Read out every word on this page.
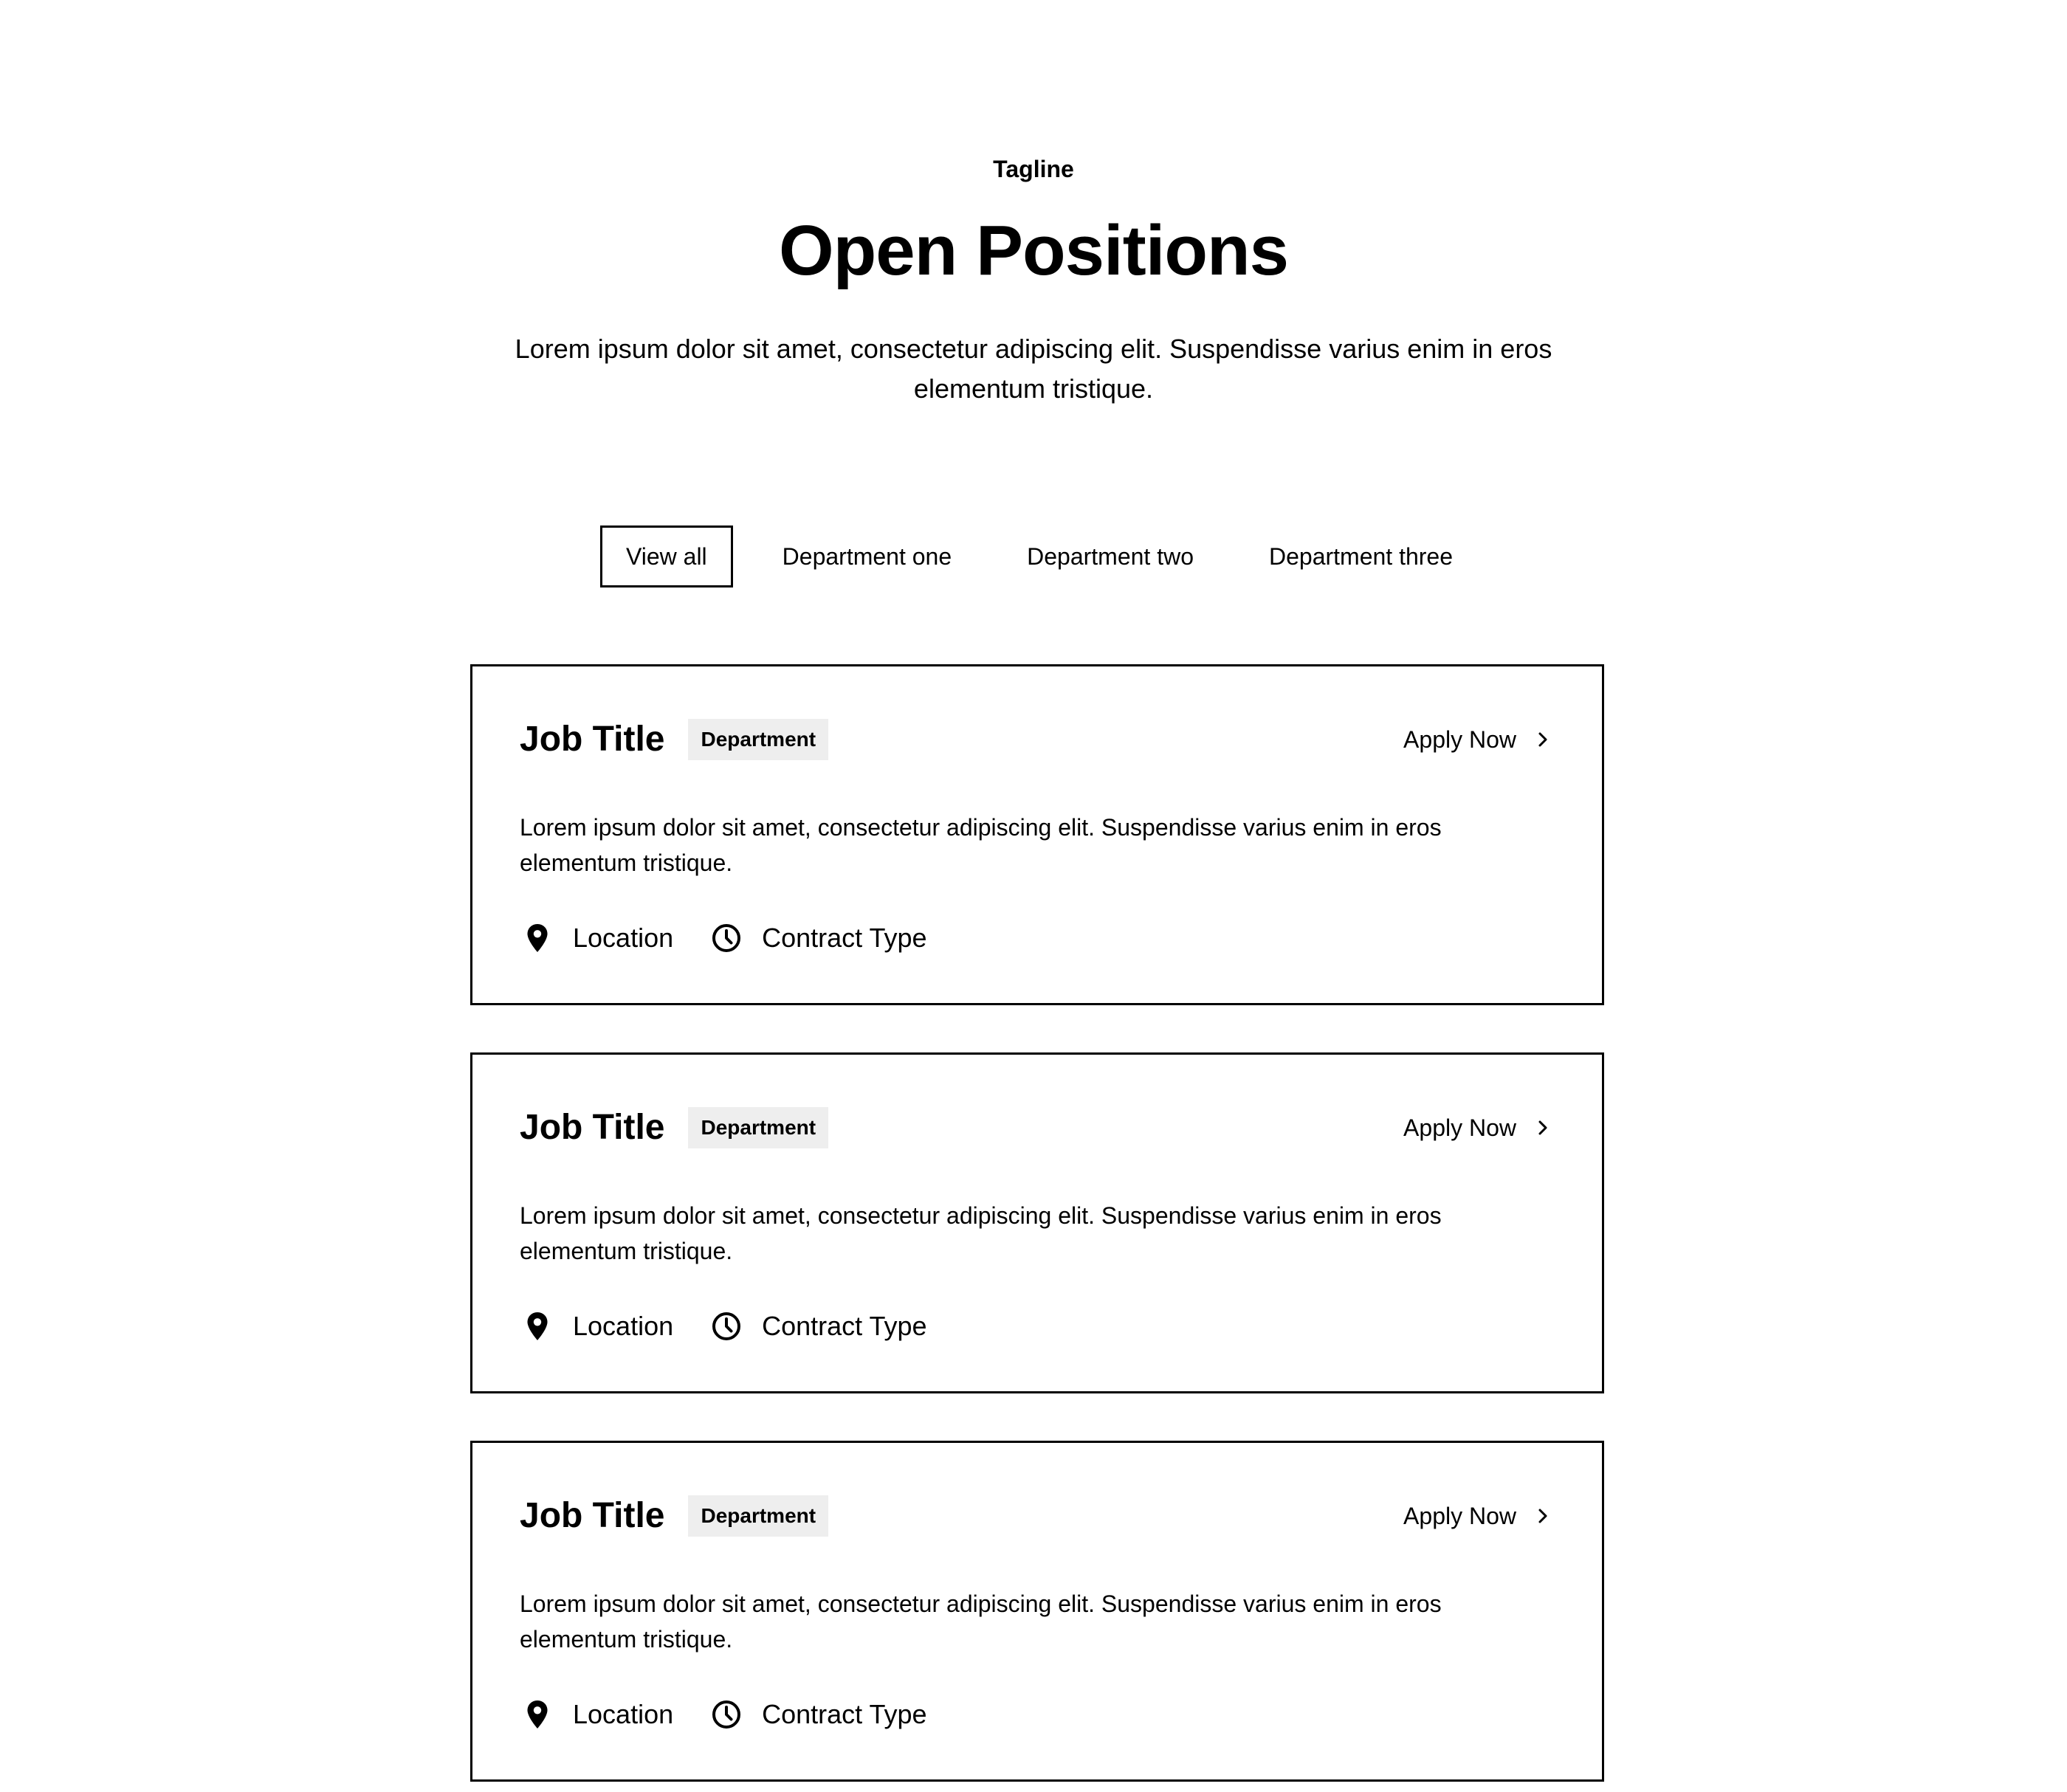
Tagline
Open Positions

Lorem ipsum dolor sit amet, consectetur adipiscing elit. Suspendisse varius enim in eros elementum tristique.

View all	Department one	Department two	Department three
Job Title	Department	Apply Now

Lorem ipsum dolor sit amet, consectetur adipiscing elit. Suspendisse varius enim in eros elementum tristique.

Location	Contract Type
Job Title	Department	Apply Now

Lorem ipsum dolor sit amet, consectetur adipiscing elit. Suspendisse varius enim in eros elementum tristique.

Location	Contract Type
Job Title	Department	Apply Now

Lorem ipsum dolor sit amet, consectetur adipiscing elit. Suspendisse varius enim in eros elementum tristique.

Location	Contract Type
